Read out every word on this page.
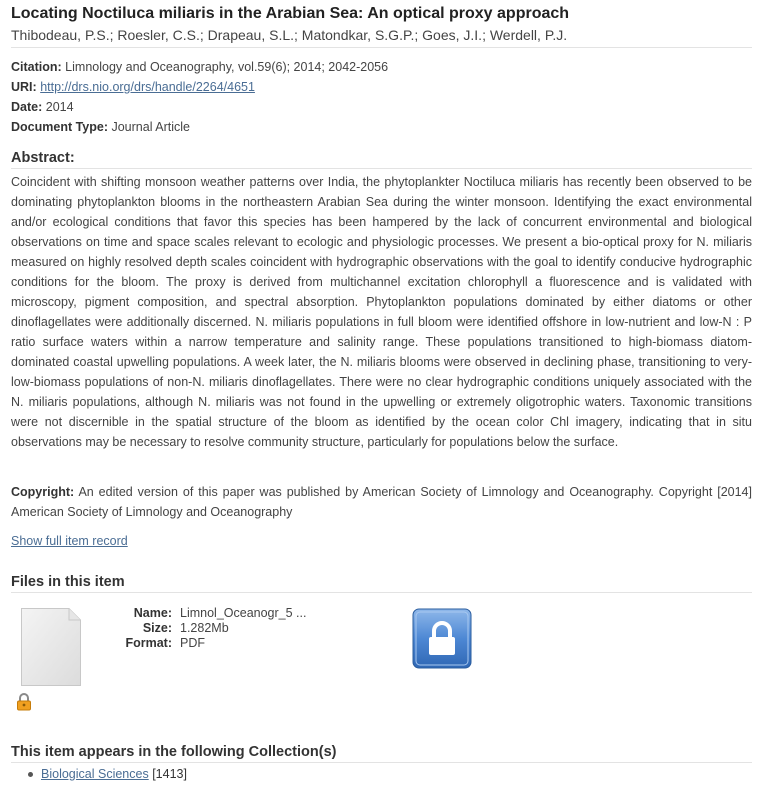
Locating Noctiluca miliaris in the Arabian Sea: An optical proxy approach
Thibodeau, P.S.; Roesler, C.S.; Drapeau, S.L.; Matondkar, S.G.P.; Goes, J.I.; Werdell, P.J.
Citation: Limnology and Oceanography, vol.59(6); 2014; 2042-2056
URI: http://drs.nio.org/drs/handle/2264/4651
Date: 2014
Document Type: Journal Article
Abstract:

Coincident with shifting monsoon weather patterns over India, the phytoplankter Noctiluca miliaris has recently been observed to be dominating phytoplankton blooms in the northeastern Arabian Sea during the winter monsoon. Identifying the exact environmental and/or ecological conditions that favor this species has been hampered by the lack of concurrent environmental and biological observations on time and space scales relevant to ecologic and physiologic processes. We present a bio-optical proxy for N. miliaris measured on highly resolved depth scales coincident with hydrographic observations with the goal to identify conducive hydrographic conditions for the bloom. The proxy is derived from multichannel excitation chlorophyll a fluorescence and is validated with microscopy, pigment composition, and spectral absorption. Phytoplankton populations dominated by either diatoms or other dinoflagellates were additionally discerned. N. miliaris populations in full bloom were identified offshore in low-nutrient and low-N : P ratio surface waters within a narrow temperature and salinity range. These populations transitioned to high-biomass diatom-dominated coastal upwelling populations. A week later, the N. miliaris blooms were observed in declining phase, transitioning to very-low-biomass populations of non-N. miliaris dinoflagellates. There were no clear hydrographic conditions uniquely associated with the N. miliaris populations, although N. miliaris was not found in the upwelling or extremely oligotrophic waters. Taxonomic transitions were not discernible in the spatial structure of the bloom as identified by the ocean color Chl imagery, indicating that in situ observations may be necessary to resolve community structure, particularly for populations below the surface.

Copyright: An edited version of this paper was published by American Society of Limnology and Oceanography. Copyright [2014] American Society of Limnology and Oceanography

Show full item record
Files in this item
Name: Limnol_Oceanogr_5 ...
Size: 1.282Mb
Format: PDF
This item appears in the following Collection(s)
Biological Sciences [1413]
